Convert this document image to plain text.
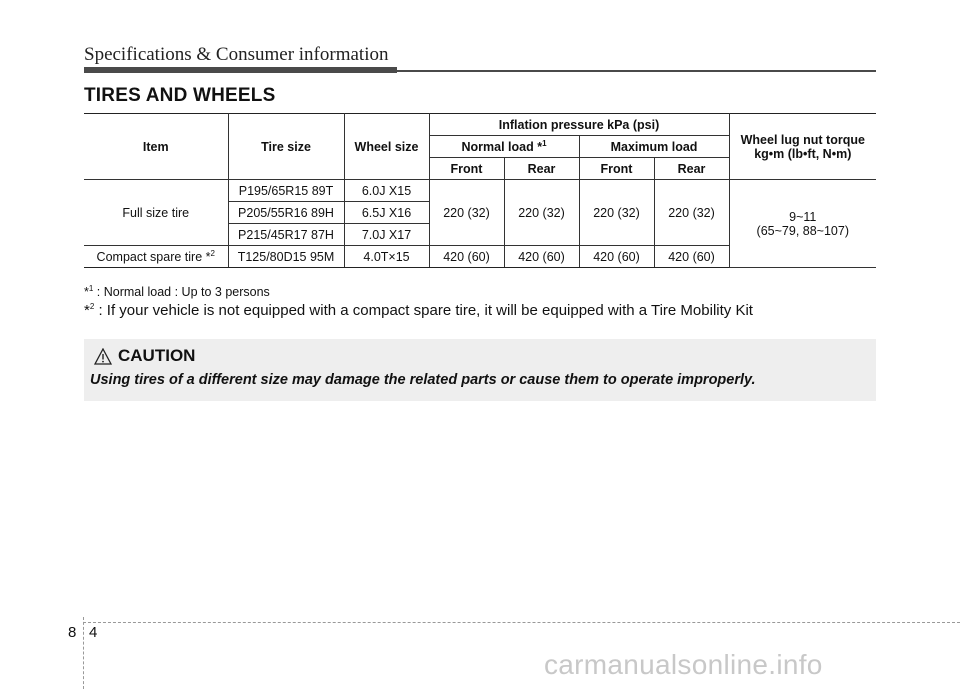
Specifications & Consumer information
TIRES AND WHEELS
Item	Tire size	Wheel size	Inflation pressure kPa (psi)				Wheel lug nut torque
kg•m (lb•ft, N•m)
			Normal load *$^1$		Maximum load		
			Front	Rear	Front	Rear	
Full size tire	P195/65R15 89T	6.0J X15	220 (32)	220 (32)	220 (32)	220 (32)	9~11
(65~79, 88~107)
	P205/55R16 89H	6.5J X16					
	P215/45R17 87H	7.0J X17					
Compact spare tire *$^2$	T125/80D15 95M	4.0T×15	420 (60)	420 (60)	420 (60)	420 (60)	
*$^1$ : Normal load : Up to 3 persons
*$^2$ : If your vehicle is not equipped with a compact spare tire, it will be equipped with a Tire Mobility Kit
CAUTION
Using tires of a different size may damage the related parts or cause them to operate improperly.
8 4
carmanualsonline.info
